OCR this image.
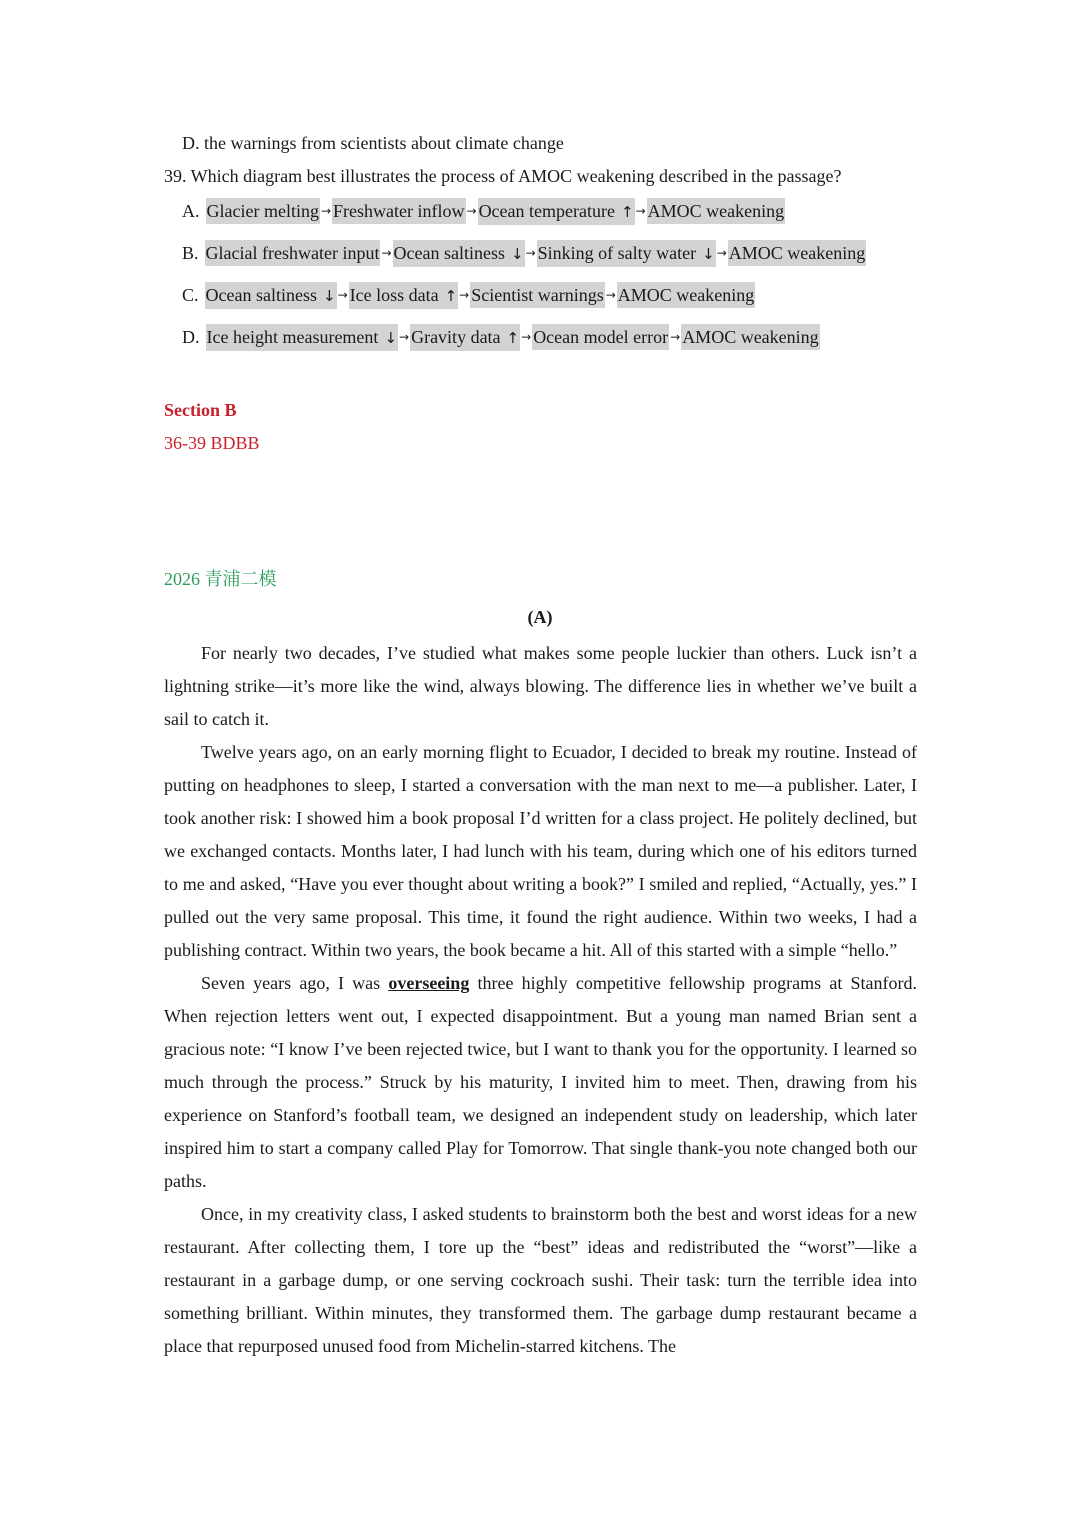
D. the warnings from scientists about climate change
39. Which diagram best illustrates the process of AMOC weakening described in the passage?
A. Glacier melting → Freshwater inflow → Ocean temperature ↑ → AMOC weakening
B. Glacial freshwater input → Ocean saltiness ↓ → Sinking of salty water ↓ → AMOC weakening
C. Ocean saltiness ↓ → Ice loss data ↑ → Scientist warnings → AMOC weakening
D. Ice height measurement ↓ → Gravity data ↑ → Ocean model error → AMOC weakening
Section B
36-39 BDBB
2026 青浦二模
(A)

For nearly two decades, I’ve studied what makes some people luckier than others. Luck isn’t a lightning strike—it’s more like the wind, always blowing. The difference lies in whether we’ve built a sail to catch it.

Twelve years ago, on an early morning flight to Ecuador, I decided to break my routine. Instead of putting on headphones to sleep, I started a conversation with the man next to me—a publisher. Later, I took another risk: I showed him a book proposal I’d written for a class project. He politely declined, but we exchanged contacts. Months later, I had lunch with his team, during which one of his editors turned to me and asked, “Have you ever thought about writing a book?” I smiled and replied, “Actually, yes.” I pulled out the very same proposal. This time, it found the right audience. Within two weeks, I had a publishing contract. Within two years, the book became a hit. All of this started with a simple “hello.”

Seven years ago, I was overseeing three highly competitive fellowship programs at Stanford. When rejection letters went out, I expected disappointment. But a young man named Brian sent a gracious note: “I know I’ve been rejected twice, but I want to thank you for the opportunity. I learned so much through the process.” Struck by his maturity, I invited him to meet. Then, drawing from his experience on Stanford’s football team, we designed an independent study on leadership, which later inspired him to start a company called Play for Tomorrow. That single thank-you note changed both our paths.

Once, in my creativity class, I asked students to brainstorm both the best and worst ideas for a new restaurant. After collecting them, I tore up the “best” ideas and redistributed the “worst”—like a restaurant in a garbage dump, or one serving cockroach sushi. Their task: turn the terrible idea into something brilliant. Within minutes, they transformed them. The garbage dump restaurant became a place that repurposed unused food from Michelin-starred kitchens. The
